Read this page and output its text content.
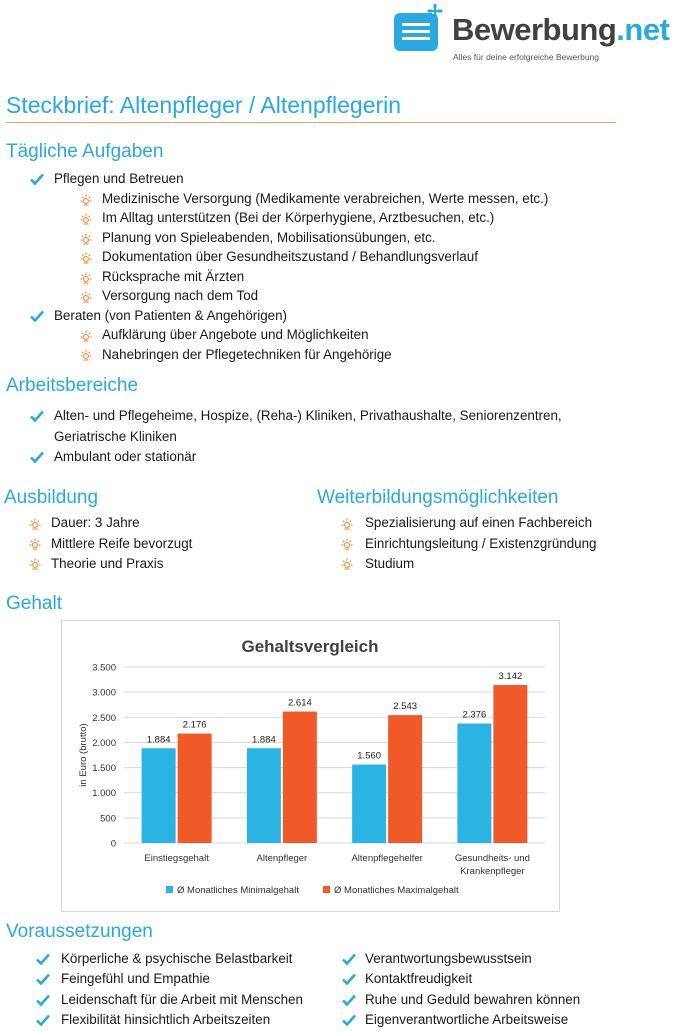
Bewerbung.net
Alles für deine erfolgreiche Bewerbung
Steckbrief: Altenpfleger / Altenpflegerin
Tägliche Aufgaben
Pflegen und Betreuen
Medizinische Versorgung (Medikamente verabreichen, Werte messen, etc.)
Im Alltag unterstützen (Bei der Körperhygiene, Arztbesuchen, etc.)
Planung von Spieleabenden, Mobilisationsübungen, etc.
Dokumentation über Gesundheitszustand / Behandlungsverlauf
Rücksprache mit Ärzten
Versorgung nach dem Tod
Beraten (von Patienten & Angehörigen)
Aufklärung über Angebote und Möglichkeiten
Nahebringen der Pflegetechniken für Angehörige
Arbeitsbereiche
Alten- und Pflegeheime, Hospize, (Reha-) Kliniken, Privathaushalte, Seniorenzentren,
Geriatrische Kliniken
Ambulant oder stationär
Ausbildung
Dauer: 3 Jahre
Mittlere Reife bevorzugt
Theorie und Praxis
Weiterbildungsmöglichkeiten
Spezialisierung auf einen Fachbereich
Einrichtungsleitung / Existenzgründung
Studium
Gehalt
Gehaltsvergleich
0
500
1.000
1.500
2.000
2.500
3.000
3.500
in Euro (brutto)	1.884
2.176
Einstiegsgehalt
1.884
2.614
Altenpfleger
1.560
2.543
Altenpflegehelfer
2.376
3.142
Gesundheits- und
Krankenpfleger
Ø Monatliches Minimalgehalt	Ø Monatliches Maximalgehalt
Voraussetzungen
Körperliche & psychische Belastbarkeit
Feingefühl und Empathie
Leidenschaft für die Arbeit mit Menschen
Flexibilität hinsichtlich Arbeitszeiten
Verantwortungsbewusstsein
Kontaktfreudigkeit
Ruhe und Geduld bewahren können
Eigenverantwortliche Arbeitsweise
